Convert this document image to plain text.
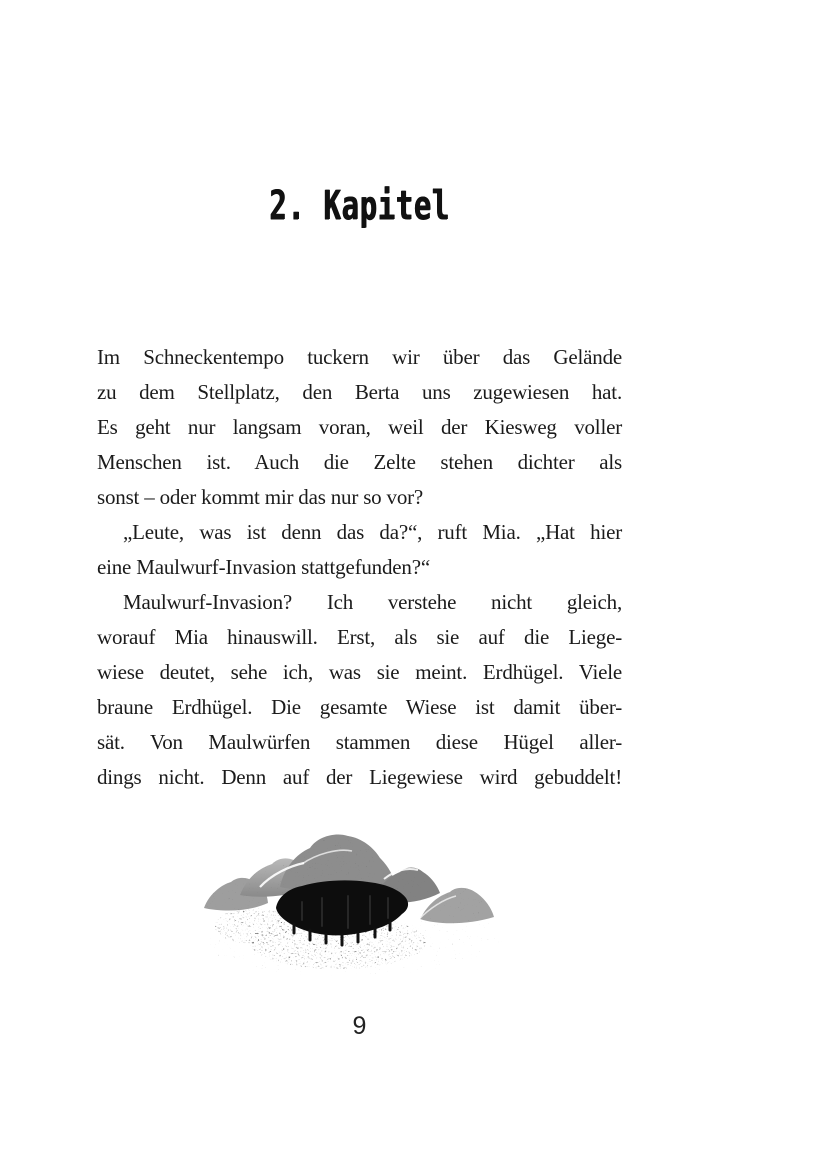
2. Kapitel
Im Schneckentempo tuckern wir über das Gelände
zu dem Stellplatz, den Berta uns zugewiesen hat.
Es geht nur langsam voran, weil der Kiesweg voller
Menschen ist. Auch die Zelte stehen dichter als
sonst – oder kommt mir das nur so vor?
„Leute, was ist denn das da?“, ruft Mia. „Hat hier
eine Maulwurf-Invasion stattgefunden?“
Maulwurf-Invasion? Ich verstehe nicht gleich,
worauf Mia hinauswill. Erst, als sie auf die Liege-
wiese deutet, sehe ich, was sie meint. Erdhügel. Viele
braune Erdhügel. Die gesamte Wiese ist damit über-
sät. Von Maulwürfen stammen diese Hügel aller-
dings nicht. Denn auf der Liegewiese wird gebuddelt!
9
